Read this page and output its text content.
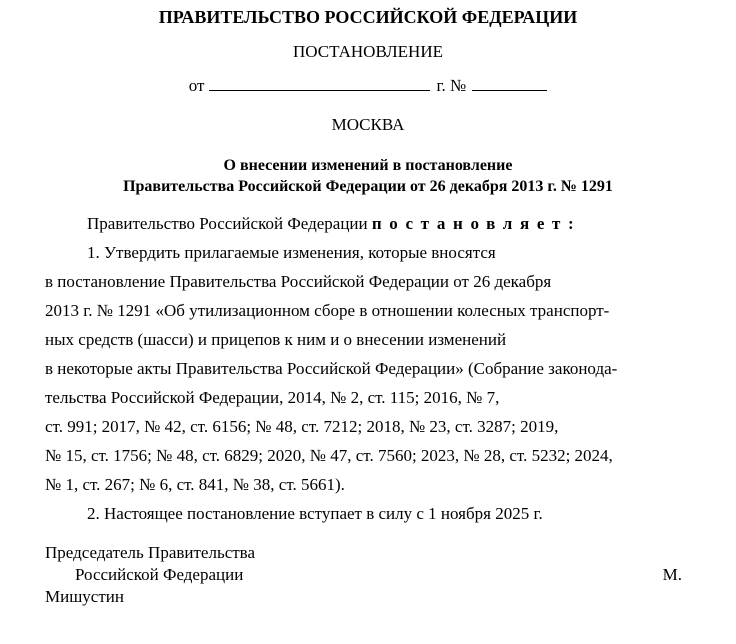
ПРАВИТЕЛЬСТВО РОССИЙСКОЙ ФЕДЕРАЦИИ
ПОСТАНОВЛЕНИЕ
от	г. №
МОСКВА
О внесении изменений в постановление
Правительства Российской Федерации от 26 декабря 2013 г. № 1291
Правительство Российской Федерации постановляет:
1. Утвердить прилагаемые изменения, которые вносятся
в постановление Правительства Российской Федерации от 26 декабря
2013 г. № 1291 «Об утилизационном сборе в отношении колесных транспорт-
ных средств (шасси) и прицепов к ним и о внесении изменений
в некоторые акты Правительства Российской Федерации» (Собрание законода-
тельства Российской Федерации, 2014, № 2, ст. 115; 2016, № 7,
ст. 991; 2017, № 42, ст. 6156; № 48, ст. 7212; 2018, № 23, ст. 3287; 2019,
№ 15, ст. 1756; № 48, ст. 6829; 2020, № 47, ст. 7560; 2023, № 28, ст. 5232; 2024,
№ 1, ст. 267; № 6, ст. 841, № 38, ст. 5661).
2. Настоящее постановление вступает в силу с 1 ноября 2025 г.
Председатель Правительства
Российской Федерации	М.
Мишустин
